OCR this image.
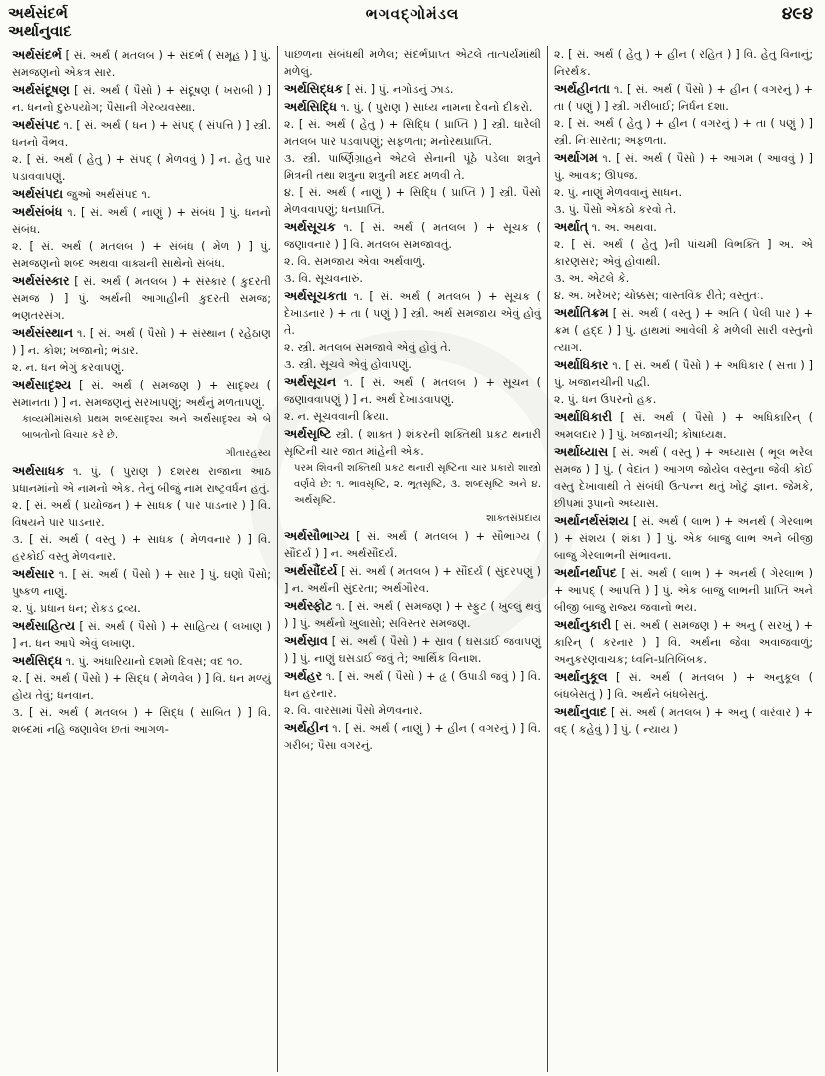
અર્થસંદર્ભ
અર્થાનુવાદ
ભગવદ્ગોમંડલ	૪૯૪
અર્થસંદર્ભ [ સં. અર્થ ( મતલબ ) + સંદર્ભ ( સમૂહ ) ] પું. સમજણનો એકત્ર સાર.
અર્થસંદૂષણ [ સં. અર્થ ( પૈસો ) + સંદૂષણ ( ખરાબી ) ] ન. ધનનો દુરુપયોગ; પૈસાની ગેરવ્યવસ્થા.
અર્થસંપદ ૧. [ સં. અર્થ ( ધન ) + સંપદ્ ( સંપત્તિ ) ] સ્ત્રી. ધનનો વૈભવ.
૨. [ સં. અર્થ ( હેતુ ) + સંપદ્ ( મેળવવું ) ] ન. હેતુ પાર પડાવવાપણું.
અર્થસંપદા જુઓ અર્થસંપદ ૧.
અર્થસંબંધ ૧. [ સં. અર્થ ( નાણું ) + સંબંધ ] પું. ધનનો સંબંધ.
૨. [ સં. અર્થ ( મતલબ ) + સંબંધ ( મેળ ) ] પું. સમજણનો શબ્દ અથવા વાક્યની સાથેનો સંબંધ.
અર્થસંસ્કાર [ સં. અર્થ ( મતલબ ) + સંસ્કાર ( કુદરતી સમજ ) ] પું. અર્થની આગાહીની કુદરતી સમજ; ભણતરસંગ.
અર્થસંસ્થાન ૧. [ સં. અર્થ ( પૈસો ) + સંસ્થાન ( રહેઠાણ ) ] ન. કોશ; ખજાનો; ભંડાર.
૨. ન. ધન ભેગું કરવાપણું.
અર્થસાદૃશ્ય [ સં. અર્થ ( સમજણ ) + સાદૃશ્ય ( સમાનતા ) ] ન. સમજણનું સરખાપણું; અર્થનું મળતાપણું.
કાવ્યમીમાંસકો પ્રથમ શબ્દસાદૃશ્ય અને અર્થસાદૃશ્ય એ બે બાબતોનો વિચાર કરે છે.
ગીતારહસ્ય
અર્થસાધક ૧. પું. ( પુરાણ ) દશરથ રાજાના આઠ પ્રધાનમાંનો એ નામનો એક. તેનું બીજું નામ રાષ્ટ્રવર્ધન હતું.
૨. [ સં. અર્થ ( પ્રયોજન ) + સાધક ( પાર પાડનાર ) ] વિ. વિષયને પાર પાડનાર.
૩. [ સં. અર્થ ( વસ્તુ ) + સાધક ( મેળવનાર ) ] વિ. હરકોઈ વસ્તુ મેળવનાર.
અર્થસાર ૧. [ સં. અર્થ ( પૈસો ) + સાર ] પું. ઘણો પૈસો; પુષ્કળ નાણું.
૨. પું. પ્રધાન ધન; રોકડ દ્રવ્ય.
અર્થસાહિત્ય [ સં. અર્થ ( પૈસો ) + સાહિત્ય ( લખાણ ) ] ન. ધન આપે એવું લખાણ.
અર્થસિદ્ધ ૧. પું. અંધારિયાનો દશમો દિવસ; વદ ૧૦.
૨. [ સં. અર્થ ( પૈસો ) + સિદ્ધ ( મેળવેલ ) ] વિ. ધન મળ્યું હોય તેવું; ધનવાન.
૩. [ સં. અર્થ ( મતલબ ) + સિદ્ધ ( સાબિત ) ] વિ. શબ્દમાં નહિ જણાવેલ છતાં આગળ-
પાછળના સંબંધથી મળેલ; સંદર્ભપ્રાપ્ત એટલે તાત્પર્યમાંથી મળેલું.
અર્થસિદ્ધક [ સં. ] પું. નગોડનું ઝાડ.
અર્થસિદ્ધિ ૧. પું. ( પુરાણ ) સાધ્ય નામના દેવનો દીકરો.
૨. [ સં. અર્થ ( હેતુ ) + સિદ્ધિ ( પ્રાપ્તિ ) ] સ્ત્રી. ધારેલી મતલબ પાર પડવાપણું; સફળતા; મનોરથપ્રાપ્તિ.
૩. સ્ત્રી. પાર્ષ્ણિગ્રાહને એટલે સેનાની પૂંઠે પડેલા શત્રુને મિત્રની તથા શત્રુના શત્રુની મદદ મળવી તે.
૪. [ સં. અર્થ ( નાણું ) + સિદ્ધિ ( પ્રાપ્તિ ) ] સ્ત્રી. પૈસો મેળવવાપણું; ધનપ્રાપ્તિ.
અર્થસૂચક ૧. [ સં. અર્થ ( મતલબ ) + સૂચક ( જણાવનાર ) ] વિ. મતલબ સમજાવતું.
૨. વિ. સમજાય એવા અર્થવાળું.
૩. વિ. સૂચવનારું.
અર્થસૂચકતા ૧. [ સં. અર્થ ( મતલબ ) + સૂચક ( દેખાડનાર ) + તા ( પણું ) ] સ્ત્રી. અર્થ સમજાય એવું હોવું તે.
૨. સ્ત્રી. મતલબ સમજાવે એવું હોવું તે.
૩. સ્ત્રી. સૂચવે એવું હોવાપણું.
અર્થસૂચન ૧. [ સં. અર્થ ( મતલબ ) + સૂચન ( જણાવવાપણું ) ] ન. અર્થ દેખાડવાપણું.
૨. ન. સૂચવવાની ક્રિયા.
અર્થસૃષ્ટિ સ્ત્રી. ( શાક્ત ) શંકરની શક્તિથી પ્રકટ થનારી સૃષ્ટિની ચાર જાત માંહેની એક.
પરમ શિવની શક્તિથી પ્રકટ થનારી સૃષ્ટિના ચાર પ્રકારો શાસ્ત્રો વર્ણવે છે: ૧. ભાવસૃષ્ટિ, ૨. ભૂતસૃષ્ટિ, ૩. શબ્દસૃષ્ટિ અને ૪. અર્થસૃષ્ટિ.
શાક્તસંપ્રદાય
અર્થસૌભાગ્ય [ સં. અર્થ ( મતલબ ) + સૌભાગ્ય ( સૌંદર્ય ) ] ન. અર્થસૌંદર્ય.
અર્થસૌંદર્ય [ સં. અર્થ ( મતલબ ) + સૌંદર્ય ( સુંદરપણું ) ] ન. અર્થની સુંદરતા; અર્થગૌરવ.
અર્થસ્ફોટ ૧. [ સં. અર્થ ( સમજણ ) + સ્ફુટ ( ખુલ્લું થવું ) ] પું. અર્થનો ખુલાસો; સવિસ્તર સમજણ.
અર્થસ્રાવ [ સં. અર્થ ( પૈસો ) + સ્રાવ ( ઘસડાઈ જવાપણું ) ] પું. નાણું ઘસડાઈ જવું તે; આર્થિક વિનાશ.
અર્થહર ૧. [ સં. અર્થ ( પૈસો ) + હૃ ( ઉપાડી જવું ) ] વિ. ધન હરનાર.
૨. વિ. વારસામાં પૈસો મેળવનાર.
અર્થહીન ૧. [ સં. અર્થ ( નાણું ) + હીન ( વગરનું ) ] વિ. ગરીબ; પૈસા વગરનું.
૨. [ સં. અર્થ ( હેતુ ) + હીન ( રહિત ) ] વિ. હેતુ વિનાનું; નિરર્થક.
અર્થહીનતા ૧. [ સં. અર્થ ( પૈસો ) + હીન ( વગરનું ) + તા ( પણું ) ] સ્ત્રી. ગરીબાઈ; નિર્ધન દશા.
૨. [ સં. અર્થ ( હેતુ ) + હીન ( વગરનું ) + તા ( પણું ) ] સ્ત્રી. નિઃસારતા; અફળતા.
અર્થાગમ ૧. [ સં. અર્થ ( પૈસો ) + આગમ ( આવવું ) ] પું. આવક; ઊપજ.
૨. પું. નાણું મેળવવાનું સાધન.
૩. પું. પૈસો એકઠો કરવો તે.
અર્થાત્ ૧. અ. અથવા.
૨. [ સં. અર્થ ( હેતુ )ની પાંચમી વિભક્તિ ] અ. એ કારણસર; એવું હોવાથી.
૩. અ. એટલે કે.
૪. અ. ખરેખર; ચોક્કસ; વાસ્તવિક રીતે; વસ્તુતઃ.
અર્થાતિક્રમ [ સં. અર્થ ( વસ્તુ ) + અતિ ( પેલી પાર ) + ક્રમ ( હદ્દ ) ] પું. હાથમાં આવેલી કે મળેલી સારી વસ્તુનો ત્યાગ.
અર્થાધિકાર ૧. [ સં. અર્થ ( પૈસો ) + અધિકાર ( સત્તા ) ] પું. ખજાનચીની પદ્વી.
૨. પું. ધન ઉપરનો હક.
અર્થાધિકારી [ સં. અર્થ ( પૈસો ) + અધિકારિન્ ( અમલદાર ) ] પું. ખજાનચી; કોષાધ્યક્ષ.
અર્થાધ્યાસ [ સં. અર્થ ( વસ્તુ ) + અધ્યાસ ( ભૂલ ભરેલ સમજ ) ] પું. ( વેદાંત ) આગળ જોયેલ વસ્તુના જેવી કોઈ વસ્તુ દેખાવાથી તે સંબંધી ઉત્પન્ન થતું ખોટું જ્ઞાન. જેમકે, છીપમાં રૂપાનો અધ્યાસ.
અર્થાનર્થસંશય [ સં. અર્થ ( લાભ ) + અનર્થ ( ગેરલાભ ) + સંશય ( શંકા ) ] પું. એક બાજુ લાભ અને બીજી બાજુ ગેરલાભની સંભાવના.
અર્થાનર્થાપદ [ સં. અર્થ ( લાભ ) + અનર્થ ( ગેરલાભ ) + આપદ્ ( આપત્તિ ) ] પું. એક બાજુ લાભની પ્રાપ્તિ અને બીજી બાજુ રાજ્ય જવાનો ભય.
અર્થાનુકારી [ સં. અર્થ ( સમજણ ) + અનુ ( સરખું ) + કારિન્ ( કરનાર ) ] વિ. અર્થના જેવા અવાજવાળું; અનુકરણવાચક; ધ્વનિ-પ્રતિબિંબક.
અર્થાનુકૂલ [ સં. અર્થ ( મતલબ ) + અનુકૂલ ( બંધબેસતું ) ] વિ. અર્થને બંધબેસતું.
અર્થાનુવાદ [ સં. અર્થ ( મતલબ ) + અનુ ( વારંવાર ) + વદ્ ( કહેવું ) ] પું. ( ન્યાય )
